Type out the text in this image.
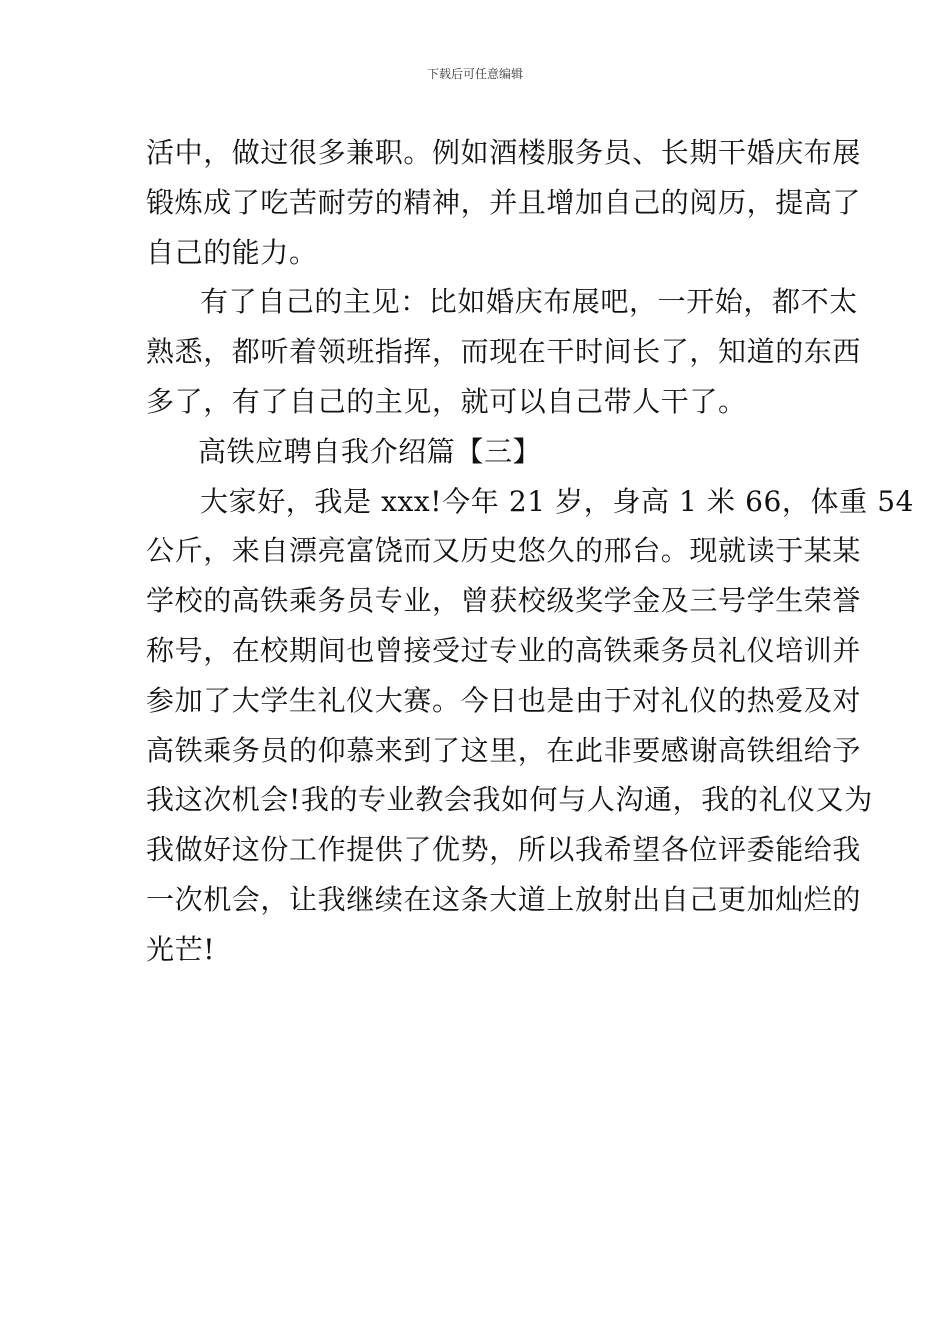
下载后可任意编辑
活中，做过很多兼职。例如酒楼服务员、长期干婚庆布展
锻炼成了吃苦耐劳的精神，并且增加自己的阅历，提高了
自己的能力。
有了自己的主见：比如婚庆布展吧，一开始，都不太
熟悉，都听着领班指挥，而现在干时间长了，知道的东西
多了，有了自己的主见，就可以自己带人干了。
高铁应聘自我介绍篇【三】
大家好，我是 xxx!今年 21 岁，身高 1 米 66，体重 54
公斤，来自漂亮富饶而又历史悠久的邢台。现就读于某某
学校的高铁乘务员专业，曾获校级奖学金及三号学生荣誉
称号，在校期间也曾接受过专业的高铁乘务员礼仪培训并
参加了大学生礼仪大赛。今日也是由于对礼仪的热爱及对
高铁乘务员的仰慕来到了这里，在此非要感谢高铁组给予
我这次机会!我的专业教会我如何与人沟通，我的礼仪又为
我做好这份工作提供了优势，所以我希望各位评委能给我
一次机会，让我继续在这条大道上放射出自己更加灿烂的
光芒!
